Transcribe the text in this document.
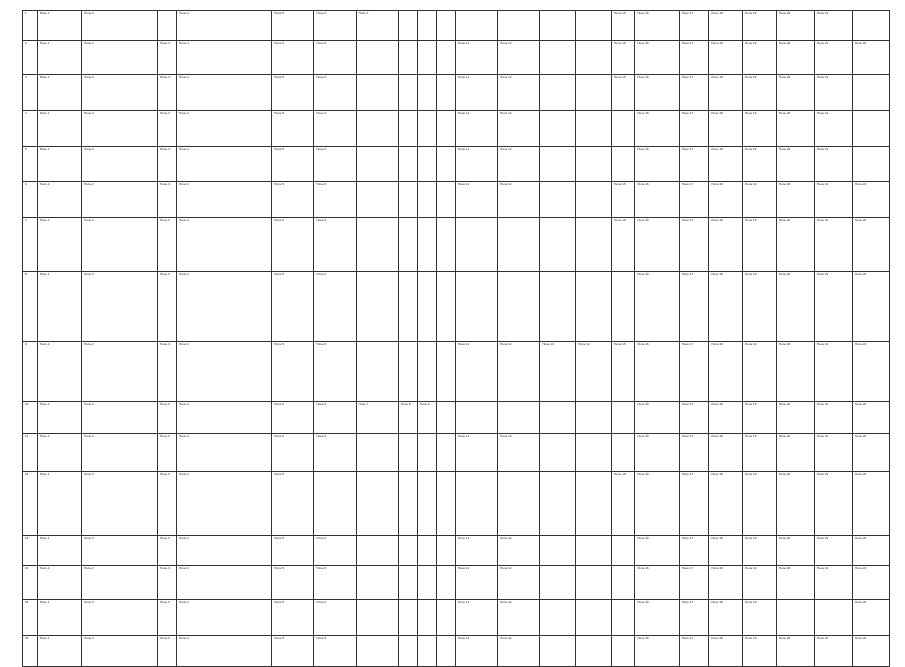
1	Поле 1	Поле 2		Поле 4	Поле 5	Поле 6	Поле 7								Поле 15	Поле 16	Поле 17	Поле 18	Поле 19	Поле 20	Поле 21	
2	Поле 1	Поле 2	Поле 3	Поле 4	Поле 5	Поле 6					Поле 11	Поле 12			Поле 15	Поле 16	Поле 17	Поле 18	Поле 19	Поле 20	Поле 21	Поле 22
3	Поле 1	Поле 2	Поле 3	Поле 4	Поле 5	Поле 6					Поле 11	Поле 12			Поле 15	Поле 16	Поле 17	Поле 18	Поле 19	Поле 20	Поле 21	
4	Поле 1	Поле 2	Поле 3	Поле 4	Поле 5	Поле 6					Поле 11	Поле 12				Поле 16	Поле 17	Поле 18	Поле 19	Поле 20	Поле 21	
5	Поле 1	Поле 2	Поле 3	Поле 4	Поле 5	Поле 6					Поле 11	Поле 12				Поле 16	Поле 17	Поле 18	Поле 19	Поле 20	Поле 21	
6	Поле 1	Поле 2	Поле 3	Поле 4	Поле 5	Поле 6					Поле 11	Поле 12			Поле 15	Поле 16	Поле 17	Поле 18	Поле 19	Поле 20	Поле 21	Поле 22
7	Поле 1	Поле 2	Поле 3	Поле 4	Поле 5	Поле 6									Поле 15	Поле 16	Поле 17	Поле 18	Поле 19	Поле 20	Поле 21	Поле 22
8	Поле 1	Поле 2	Поле 3	Поле 4	Поле 5	Поле 6										Поле 16	Поле 17	Поле 18	Поле 19	Поле 20	Поле 21	Поле 22
9	Поле 1	Поле 2	Поле 3	Поле 4	Поле 5	Поле 6					Поле 11	Поле 12	Поле 13	Поле 14	Поле 15	Поле 16	Поле 17	Поле 18	Поле 19	Поле 20	Поле 21	Поле 22
10	Поле 1	Поле 2	Поле 3	Поле 4	Поле 5	Поле 6	Поле 7	Поле 8	Поле 9							Поле 16	Поле 17	Поле 18	Поле 19	Поле 20	Поле 21	Поле 22
11	Поле 1	Поле 2	Поле 3	Поле 4	Поле 5	Поле 6					Поле 11	Поле 12				Поле 16	Поле 17	Поле 18	Поле 19	Поле 20	Поле 21	Поле 22
12	Поле 1	Поле 2	Поле 3	Поле 4	Поле 5										Поле 15	Поле 16	Поле 17	Поле 18	Поле 19	Поле 20	Поле 21	Поле 22
13	Поле 1	Поле 2	Поле 3	Поле 4	Поле 5	Поле 6					Поле 11	Поле 12				Поле 16	Поле 17	Поле 18	Поле 19	Поле 20	Поле 21	Поле 22
14	Поле 1	Поле 2	Поле 3	Поле 4	Поле 5	Поле 6					Поле 11	Поле 12				Поле 16	Поле 17	Поле 18	Поле 19	Поле 20	Поле 21	Поле 22
15	Поле 1	Поле 2	Поле 3	Поле 4	Поле 5	Поле 6					Поле 11	Поле 12				Поле 16	Поле 17	Поле 18	Поле 19			Поле 22
16	Поле 1	Поле 2	Поле 3	Поле 4	Поле 5	Поле 6					Поле 11	Поле 12				Поле 16	Поле 17	Поле 18	Поле 19	Поле 20	Поле 21	Поле 22
